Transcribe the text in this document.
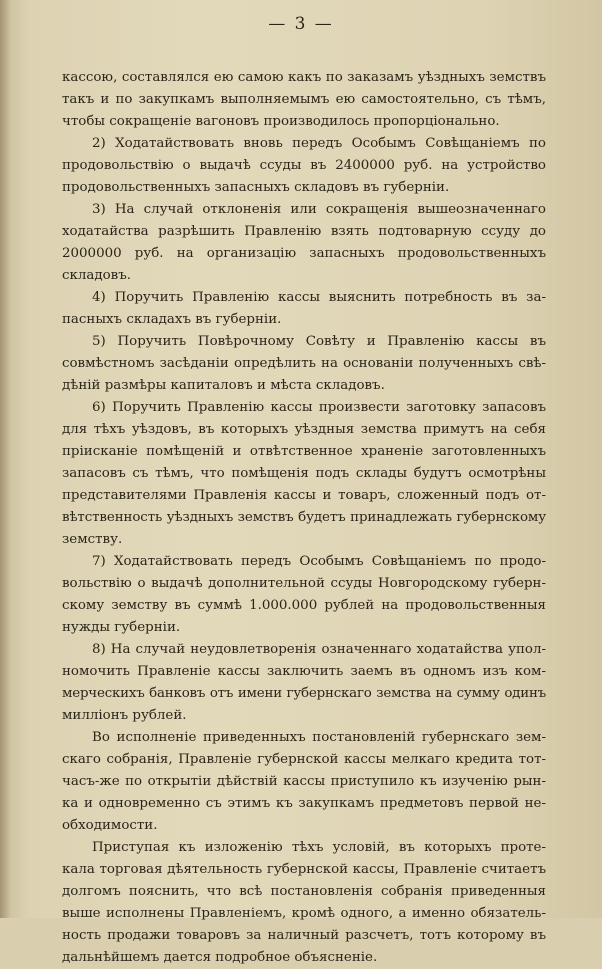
— 3 —
кассою, составлялся ею самою какъ по заказамъ уѣздныхъ земствъ
такъ и по закупкамъ выполняемымъ ею самостоятельно, съ тѣмъ,
чтобы сокращеніе вагоновъ производилось пропорціонально.
2) Ходатайствовать вновь передъ Особымъ Совѣщаніемъ по
продовольствію о выдачѣ ссуды въ 2400000 руб. на устройство
продовольственныхъ запасныхъ складовъ въ губерніи.
3) На случай отклоненія или сокращенія вышеозначеннаго
ходатайства разрѣшить Правленію взять подтоварную ссуду до
2000000 руб. на организацію запасныхъ продовольственныхъ
складовъ.
4) Поручить Правленію кассы выяснить потребность въ за-
пасныхъ складахъ въ губерніи.
5) Поручить Повѣрочному Совѣту и Правленію кассы въ
совмѣстномъ засѣданіи опредѣлить на основаніи полученныхъ свѣ-
дѣній размѣры капиталовъ и мѣста складовъ.
6) Поручить Правленію кассы произвести заготовку запасовъ
для тѣхъ уѣздовъ, въ которыхъ уѣздныя земства примутъ на себя
пріисканіе помѣщеній и отвѣтственное храненіе заготовленныхъ
запасовъ съ тѣмъ, что помѣщенія подъ склады будутъ осмотрѣны
представителями Правленія кассы и товаръ, сложенный подъ от-
вѣтственность уѣздныхъ земствъ будетъ принадлежать губернскому
земству.
7) Ходатайствовать передъ Особымъ Совѣщаніемъ по продо-
вольствію о выдачѣ дополнительной ссуды Новгородскому губерн-
скому земству въ суммѣ 1.000.000 рублей на продовольственныя
нужды губерніи.
8) На случай неудовлетворенія означеннаго ходатайства упол-
номочить Правленіе кассы заключить заемъ въ одномъ изъ ком-
мерческихъ банковъ отъ имени губернскаго земства на сумму одинъ
милліонъ рублей.
Во исполненіе приведенныхъ постановленій губернскаго зем-
скаго собранія, Правленіе губернской кассы мелкаго кредита тот-
часъ-же по открытіи дѣйствій кассы приступило къ изученію рын-
ка и одновременно съ этимъ къ закупкамъ предметовъ первой не-
обходимости.
Приступая къ изложенію тѣхъ условій, въ которыхъ проте-
кала торговая дѣятельность губернской кассы, Правленіе считаетъ
долгомъ пояснить, что всѣ постановленія собранія приведенныя
выше исполнены Правленіемъ, кромѣ одного, а именно обязатель-
ность продажи товаровъ за наличный разсчетъ, тотъ которому въ
дальнѣйшемъ дается подробное объясненіе.
